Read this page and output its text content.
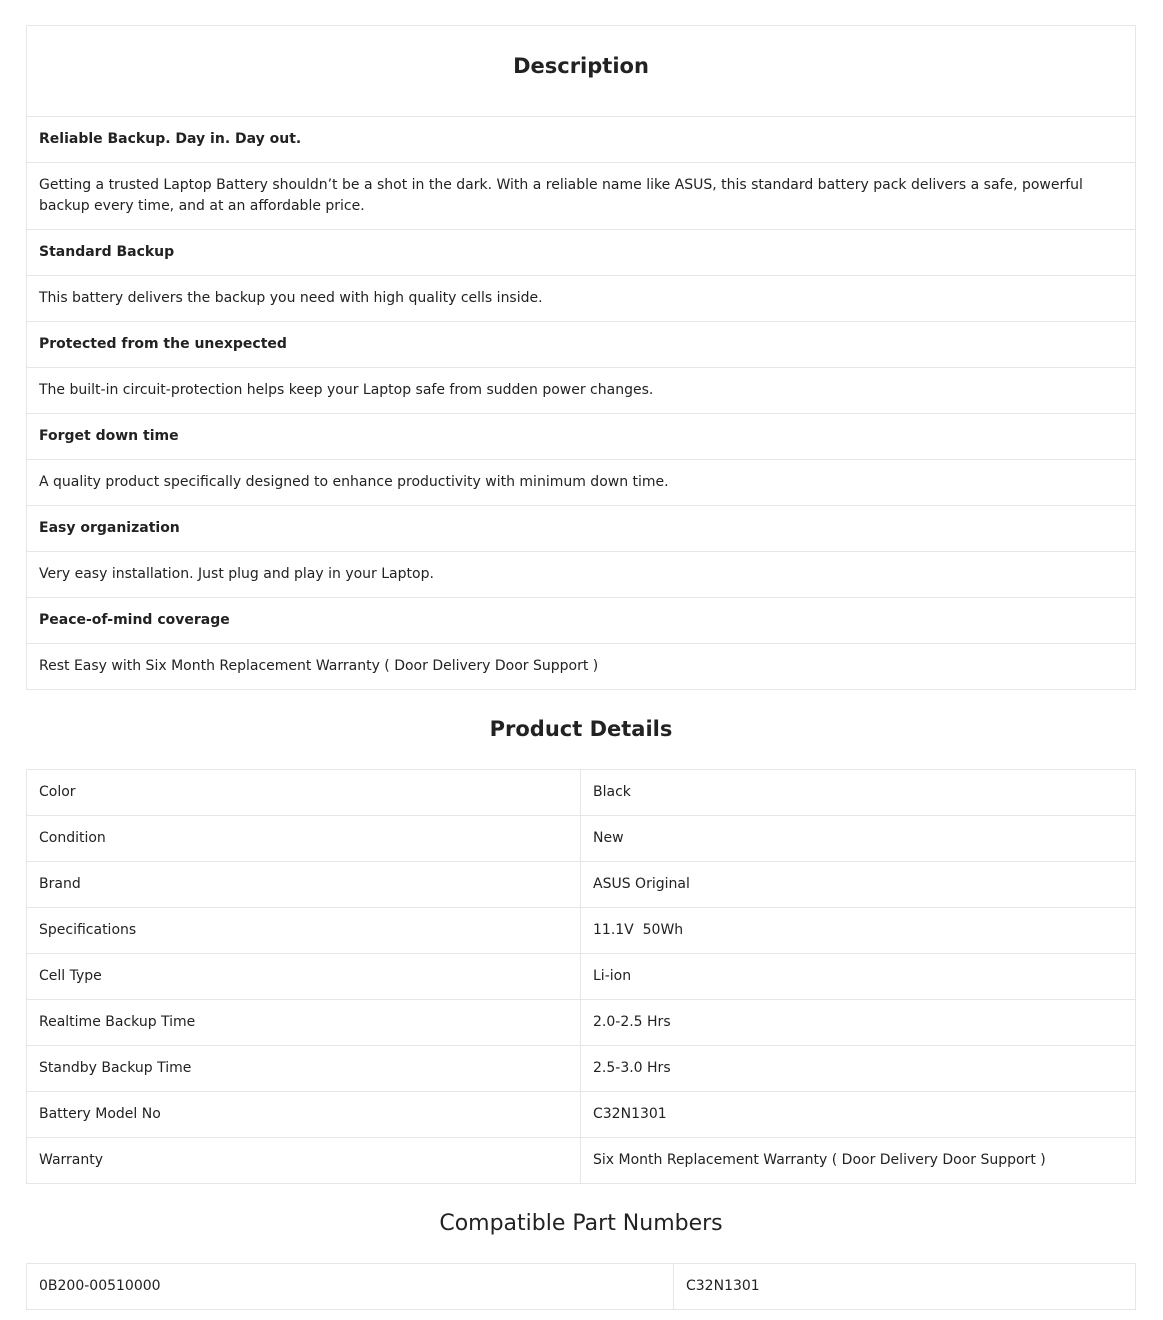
Description
Reliable Backup. Day in. Day out.
Getting a trusted Laptop Battery shouldn’t be a shot in the dark. With a reliable name like ASUS, this standard battery pack delivers a safe, powerful backup every time, and at an affordable price.
Standard Backup
This battery delivers the backup you need with high quality cells inside.
Protected from the unexpected
The built-in circuit-protection helps keep your Laptop safe from sudden power changes.
Forget down time
A quality product specifically designed to enhance productivity with minimum down time.
Easy organization
Very easy installation. Just plug and play in your Laptop.
Peace-of-mind coverage
Rest Easy with Six Month Replacement Warranty ( Door Delivery Door Support )
Product Details
Color	Black
Condition	New
Brand	ASUS Original
Specifications	11.1V  50Wh
Cell Type	Li-ion
Realtime Backup Time	2.0-2.5 Hrs
Standby Backup Time	2.5-3.0 Hrs
Battery Model No	C32N1301
Warranty	Six Month Replacement Warranty ( Door Delivery Door Support )
Compatible Part Numbers
0B200-00510000	C32N1301
